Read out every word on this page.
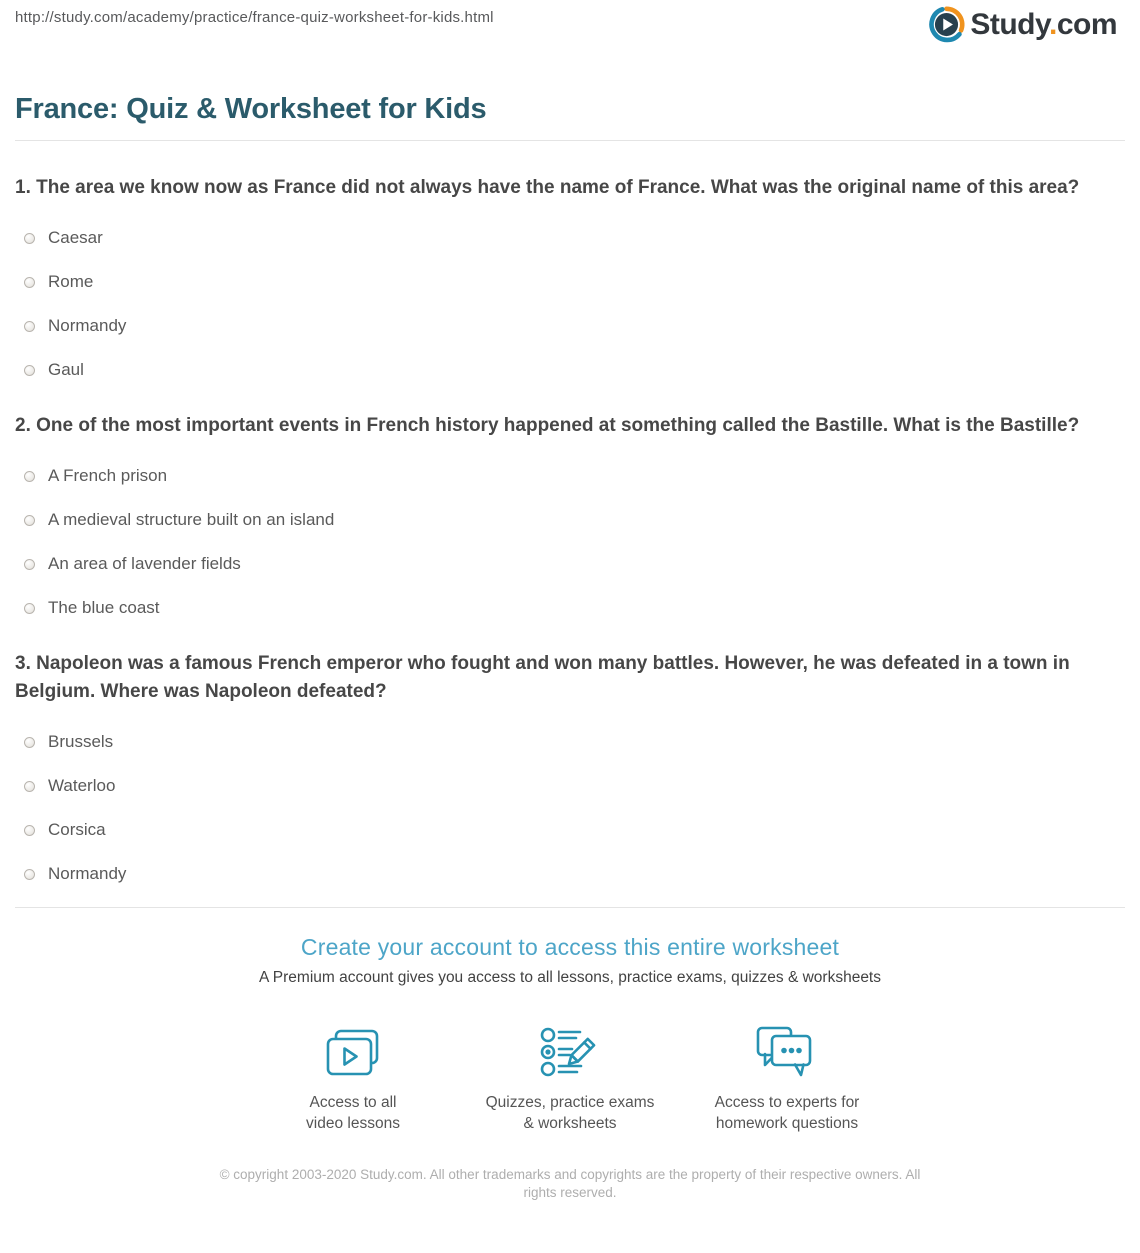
http://study.com/academy/practice/france-quiz-worksheet-for-kids.html	Study.com
France: Quiz & Worksheet for Kids

1. The area we know now as France did not always have the name of France. What was the original name of this area?

Caesar
Rome
Normandy
Gaul

2. One of the most important events in French history happened at something called the Bastille. What is the Bastille?

A French prison
A medieval structure built on an island
An area of lavender fields
The blue coast

3. Napoleon was a famous French emperor who fought and won many battles. However, he was defeated in a town in Belgium. Where was Napoleon defeated?

Brussels
Waterloo
Corsica
Normandy
Create your account to access this entire worksheet

A Premium account gives you access to all lessons, practice exams, quizzes & worksheets

Access to all
video lessons
Quizzes, practice exams
& worksheets
Access to experts for
homework questions
© copyright 2003-2020 Study.com. All other trademarks and copyrights are the property of their respective owners. All rights reserved.
